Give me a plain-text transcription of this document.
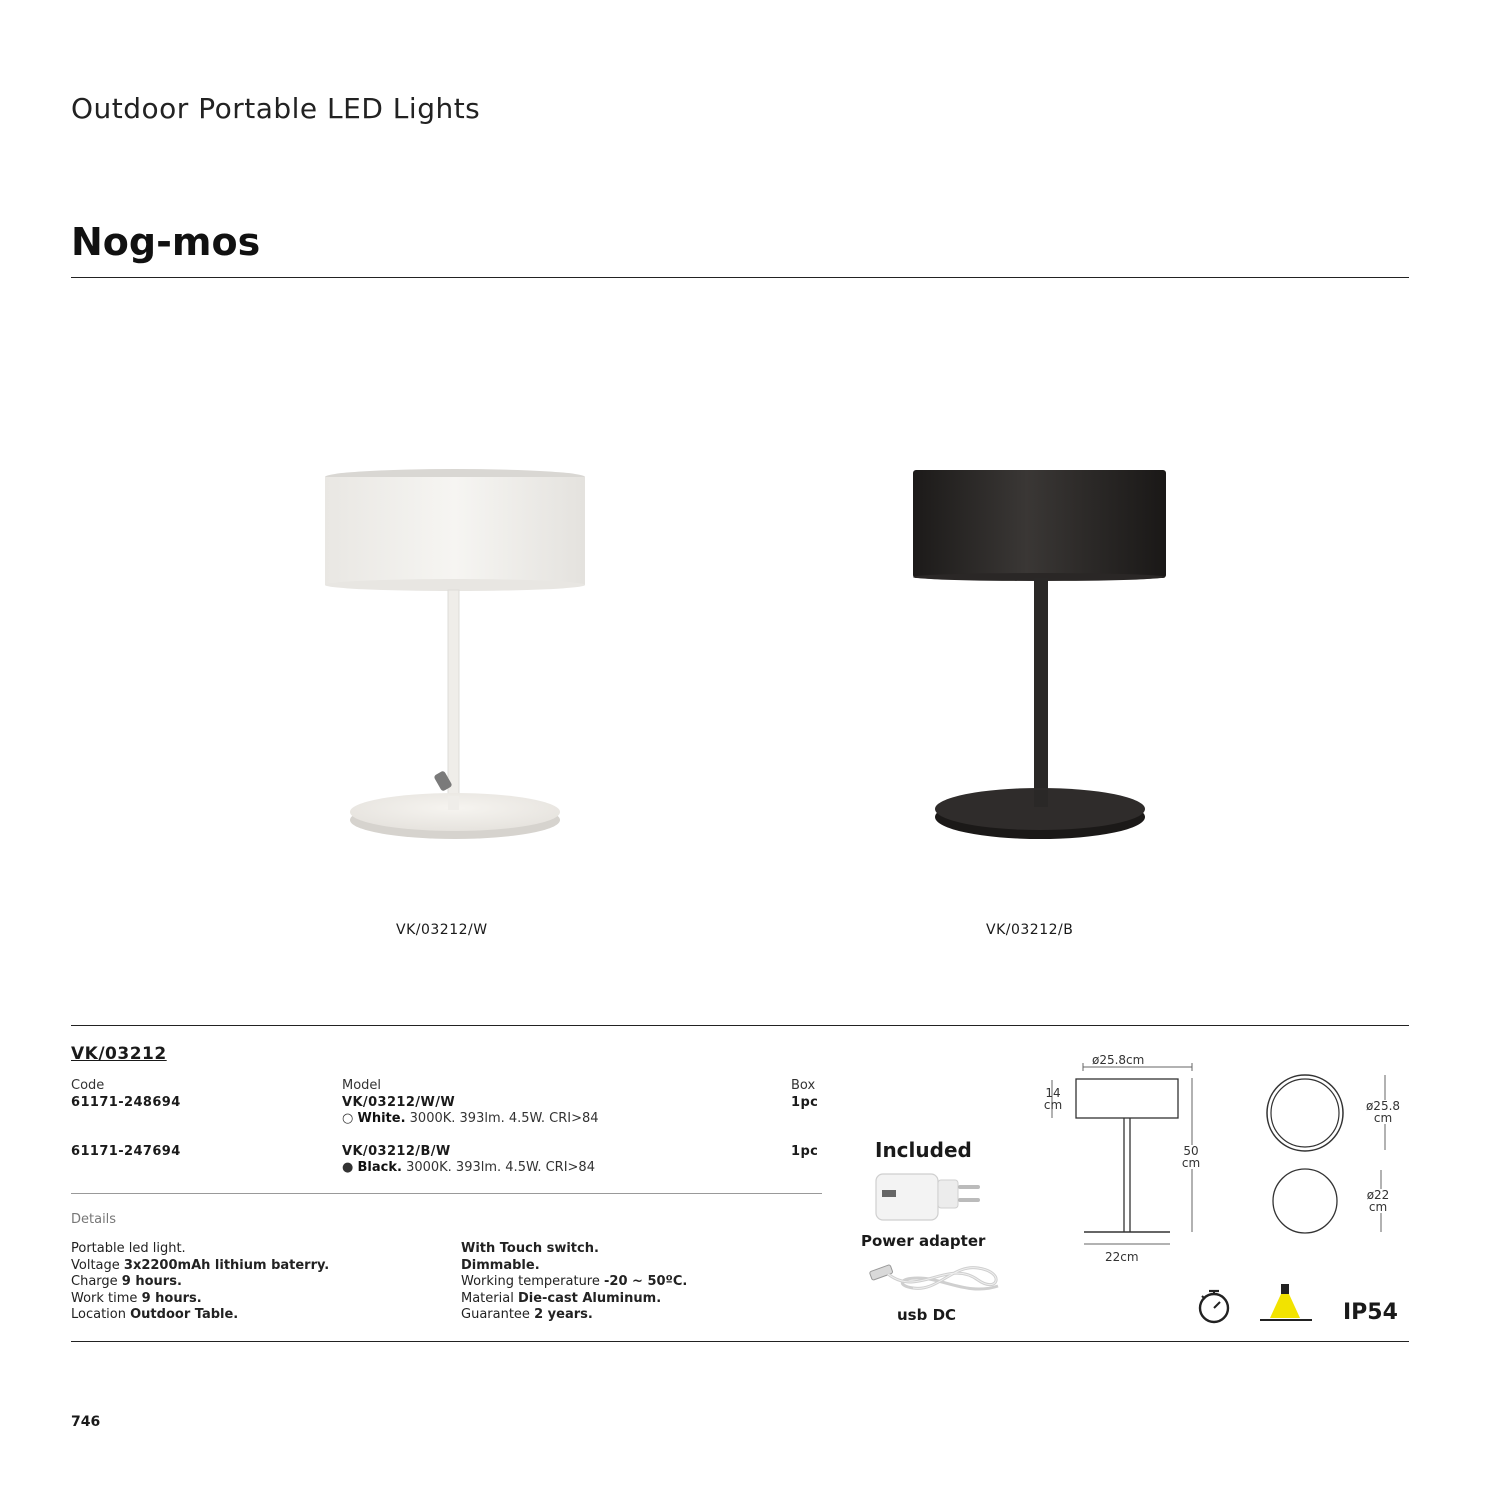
Outdoor Portable LED Lights
Nog-mos
VK/03212/W	VK/03212/B
VK/03212
Code	Model	Box
61171-248694	VK/03212/W/W	1pc
○ White. 3000K. 393lm. 4.5W. CRI>84
61171-247694	VK/03212/B/W	1pc
● Black. 3000K. 393lm. 4.5W. CRI>84
Details
Portable led light.
Voltage 3x2200mAh lithium baterry.
Charge 9 hours.
Work time 9 hours.
Location Outdoor Table.
With Touch switch.
Dimmable.
Working temperature -20 ~ 50ºC.
Material Die-cast Aluminum.
Guarantee 2 years.
Included
Power adapter
usb DC
ø25.8cm
14
cm
50
cm
22cm
ø25.8
cm
ø22
cm
IP54
746
